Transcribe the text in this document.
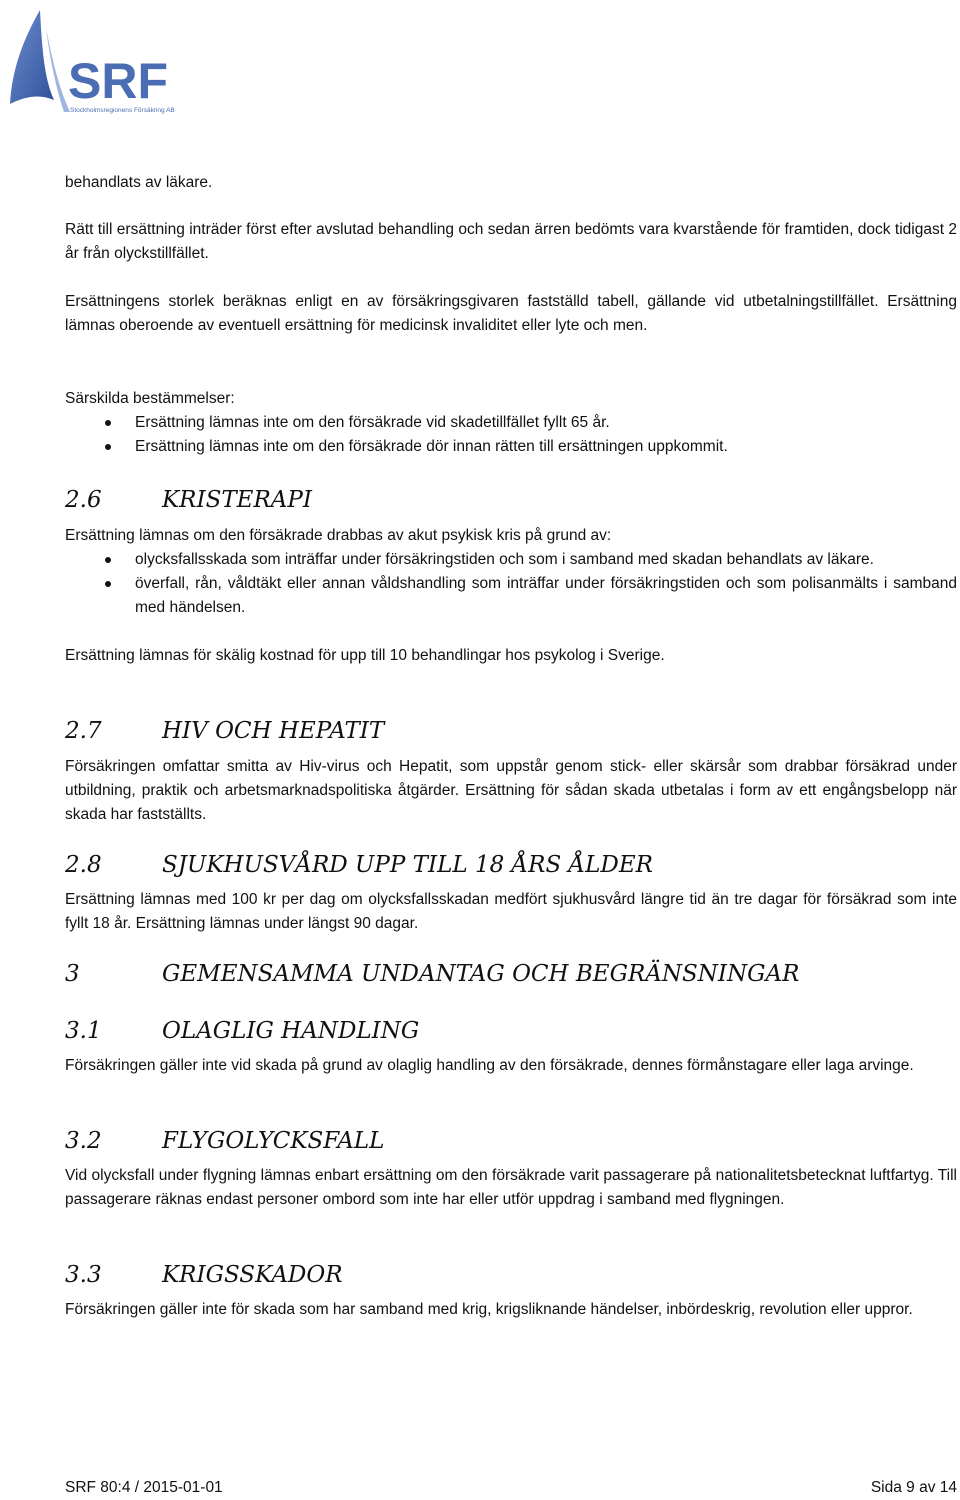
SRF
Stockholmsregionens Försäkring AB

behandlats av läkare.

Rätt till ersättning inträder först efter avslutad behandling och sedan ärren bedömts vara kvarstående för framtiden, dock tidigast 2 år från olyckstillfället.

Ersättningens storlek beräknas enligt en av försäkringsgivaren fastställd tabell, gällande vid utbetalningstillfället. Ersättning lämnas oberoende av eventuell ersättning för medicinsk invaliditet eller lyte och men.

Särskilda bestämmelser:

Ersättning lämnas inte om den försäkrade vid skadetillfället fyllt 65 år.
Ersättning lämnas inte om den försäkrade dör innan rätten till ersättningen uppkommit.
2.6	KRISTERAPI

Ersättning lämnas om den försäkrade drabbas av akut psykisk kris på grund av:

olycksfallsskada som inträffar under försäkringstiden och som i samband med skadan behandlats av läkare.
överfall, rån, våldtäkt eller annan våldshandling som inträffar under försäkringstiden och som polisanmälts i samband med händelsen.

Ersättning lämnas för skälig kostnad för upp till 10 behandlingar hos psykolog i Sverige.

2.7	HIV OCH HEPATIT

Försäkringen omfattar smitta av Hiv-virus och Hepatit, som uppstår genom stick- eller skärsår som drabbar försäkrad under utbildning, praktik och arbetsmarknadspolitiska åtgärder. Ersättning för sådan skada utbetalas i form av ett engångsbelopp när skada har fastställts.

2.8	SJUKHUSVÅRD UPP TILL 18 ÅRS ÅLDER

Ersättning lämnas med 100 kr per dag om olycksfallsskadan medfört sjukhusvård längre tid än tre dagar för försäkrad som inte fyllt 18 år. Ersättning lämnas under längst 90 dagar.

3	GEMENSAMMA UNDANTAG OCH BEGRÄNSNINGAR
3.1	OLAGLIG HANDLING

Försäkringen gäller inte vid skada på grund av olaglig handling av den försäkrade, dennes förmånstagare eller laga arvinge.

3.2	FLYGOLYCKSFALL

Vid olycksfall under flygning lämnas enbart ersättning om den försäkrade varit passagerare på nationalitetsbetecknat luftfartyg. Till passagerare räknas endast personer ombord som inte har eller utför uppdrag i samband med flygningen.

3.3	KRIGSSKADOR

Försäkringen gäller inte för skada som har samband med krig, krigsliknande händelser, inbördeskrig, revolution eller uppror.

SRF 80:4 / 2015-01-01	Sida 9 av 14
